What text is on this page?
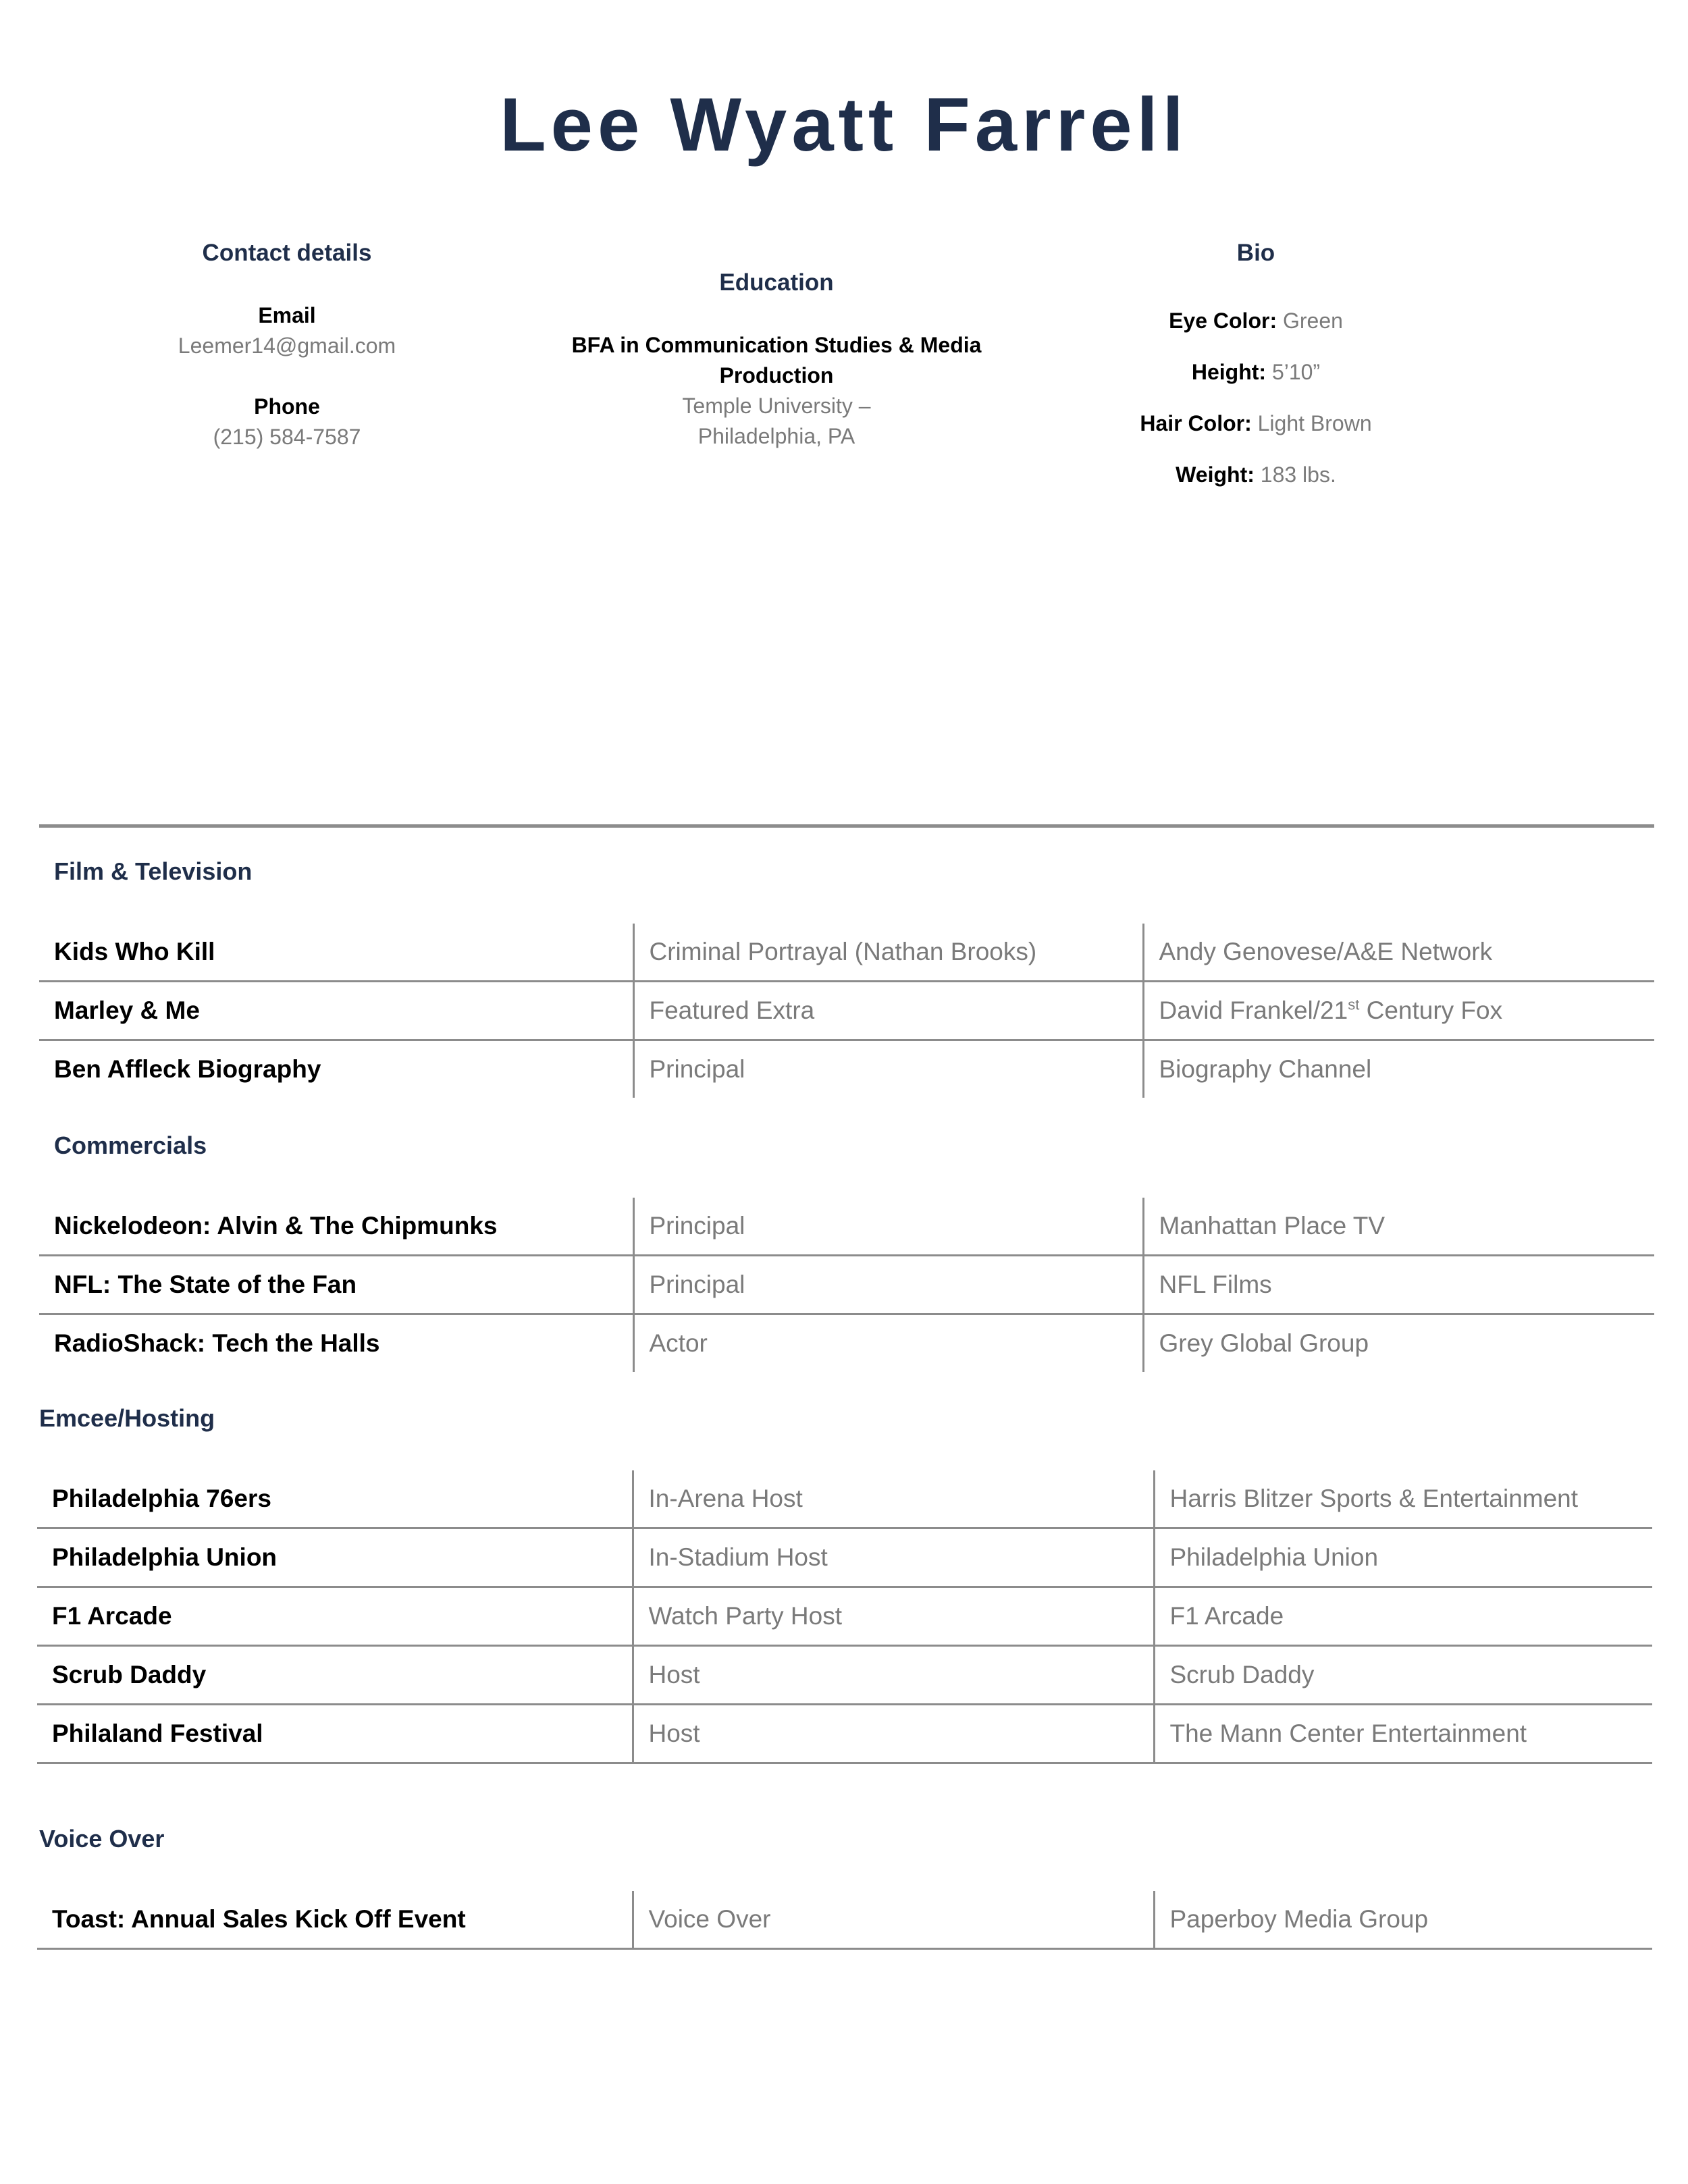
Lee Wyatt Farrell
Contact details
Email
Leemer14@gmail.com
Phone
(215) 584-7587
Education
BFA in Communication Studies & Media
Production
Temple University –
Philadelphia, PA
Bio
Eye Color: Green
Height: 5’10”
Hair Color: Light Brown
Weight: 183 lbs.
Film & Television
Kids Who Kill	Criminal Portrayal (Nathan Brooks)	Andy Genovese/A&E Network
Marley & Me	Featured Extra	David Frankel/21st Century Fox
Ben Affleck Biography	Principal	Biography Channel
Commercials
Nickelodeon: Alvin & The Chipmunks	Principal	Manhattan Place TV
NFL: The State of the Fan	Principal	NFL Films
RadioShack: Tech the Halls	Actor	Grey Global Group
Emcee/Hosting
Philadelphia 76ers	In-Arena Host	Harris Blitzer Sports & Entertainment
Philadelphia Union	In-Stadium Host	Philadelphia Union
F1 Arcade	Watch Party Host	F1 Arcade
Scrub Daddy	Host	Scrub Daddy
Philaland Festival	Host	The Mann Center Entertainment
Voice Over
Toast: Annual Sales Kick Off Event	Voice Over	Paperboy Media Group
